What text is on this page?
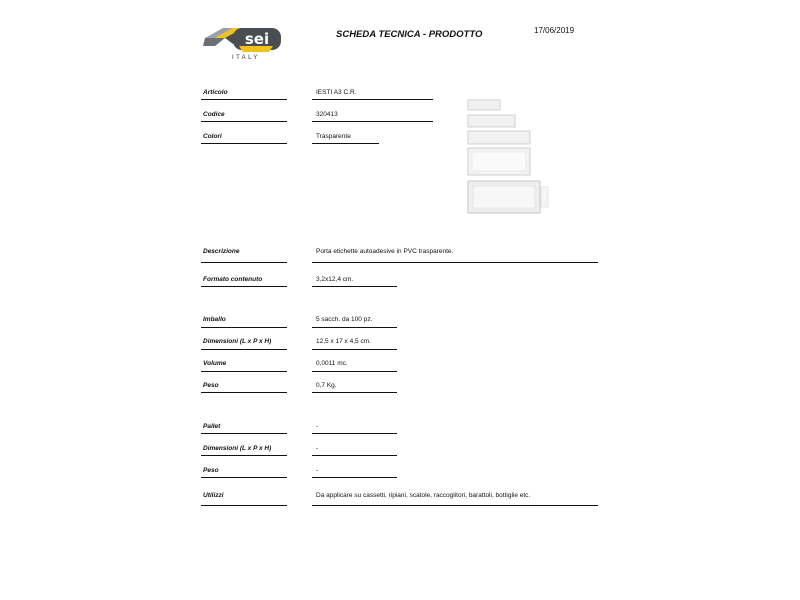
sei
ITALY
SCHEDA TECNICA - PRODOTTO	17/06/2019
Articolo	IESTI A3 C.R.
Codice	320413
Colori	Trasparente
Descrizione	Porta etichette autoadesive in PVC trasparente.
Formato contenuto	3,2x12,4 cm.
Imballo	5 sacch. da 100 pz.
Dimensioni (L x P x H)	12,5 x 17 x 4,5 cm.
Volume	0,0011 mc.
Peso	0,7 Kg.
Pallet	-
Dimensioni (L x P x H)	-
Peso	-
Utilizzi	Da applicare su cassetti, ripiani, scatole, raccoglitori, barattoli, bottiglie etc.
